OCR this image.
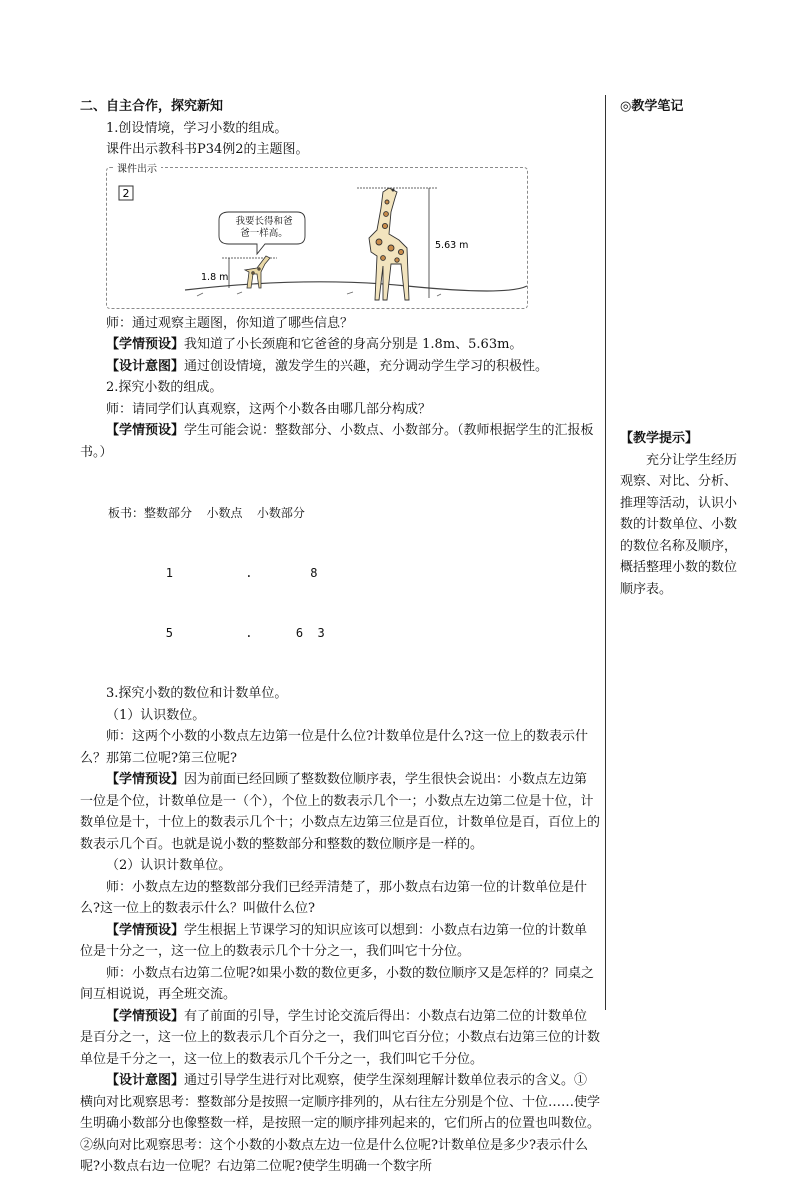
二、自主合作，探究新知

1.创设情境，学习小数的组成。

课件出示教科书P34例2的主题图。

课件出示
2
1.8 m
5.63 m
我要长得和爸爸一样高。

师：通过观察主题图，你知道了哪些信息？

【学情预设】我知道了小长颈鹿和它爸爸的身高分别是 1.8m、5.63m。

【设计意图】通过创设情境，激发学生的兴趣，充分调动学生学习的积极性。

2.探究小数的组成。

师：请同学们认真观察，这两个小数各由哪几部分构成？

【学情预设】学生可能会说：整数部分、小数点、小数部分。（教师根据学生的汇报板书。）

板书：整数部分  小数点  小数部分

1          .        8

5          .      6  3

3.探究小数的数位和计数单位。

（1）认识数位。

师：这两个小数的小数点左边第一位是什么位?计数单位是什么?这一位上的数表示什么？那第二位呢?第三位呢?

【学情预设】因为前面已经回顾了整数数位顺序表，学生很快会说出：小数点左边第一位是个位，计数单位是一（个），个位上的数表示几个一；小数点左边第二位是十位，计数单位是十，十位上的数表示几个十；小数点左边第三位是百位，计数单位是百，百位上的数表示几个百。也就是说小数的整数部分和整数的数位顺序是一样的。

（2）认识计数单位。

师：小数点左边的整数部分我们已经弄清楚了，那小数点右边第一位的计数单位是什么?这一位上的数表示什么？叫做什么位?

【学情预设】学生根据上节课学习的知识应该可以想到：小数点右边第一位的计数单位是十分之一，这一位上的数表示几个十分之一，我们叫它十分位。

师：小数点右边第二位呢?如果小数的数位更多，小数的数位顺序又是怎样的？同桌之间互相说说，再全班交流。

【学情预设】有了前面的引导，学生讨论交流后得出：小数点右边第二位的计数单位是百分之一，这一位上的数表示几个百分之一，我们叫它百分位；小数点右边第三位的计数单位是千分之一，这一位上的数表示几个千分之一，我们叫它千分位。

【设计意图】通过引导学生进行对比观察，使学生深刻理解计数单位表示的含义。①横向对比观察思考：整数部分是按照一定顺序排列的，从右往左分别是个位、十位……使学生明确小数部分也像整数一样，是按照一定的顺序排列起来的，它们所占的位置也叫数位。②纵向对比观察思考：这个小数的小数点左边一位是什么位呢?计数单位是多少?表示什么呢?小数点右边一位呢？右边第二位呢?使学生明确一个数字所

◎教学笔记

【教学提示】

充分让学生经历观察、对比、分析、推理等活动，认识小数的计数单位、小数的数位名称及顺序，概括整理小数的数位顺序表。
